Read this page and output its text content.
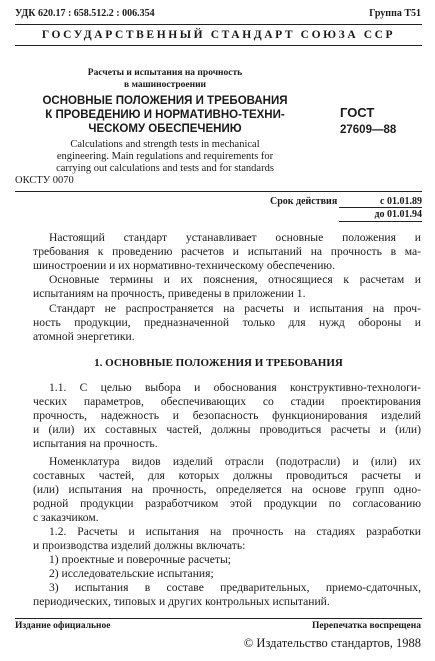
УДК 620.17 : 658.512.2 : 006.354	Группа Т51
ГОСУДАРСТВЕННЫЙ СТАНДАРТ СОЮЗА ССР
Расчеты и испытания на прочность
в машиностроении
ОСНОВНЫЕ ПОЛОЖЕНИЯ И ТРЕБОВАНИЯ
К ПРОВЕДЕНИЮ И НОРМАТИВНО-ТЕХНИ-
ЧЕСКОМУ ОБЕСПЕЧЕНИЮ
Calculations and strength tests in mechanical
engineering. Main regulations and requirements for
carrying out calculations and tests and for standards
ОКСТУ 0070
ГОСТ
27609—88
Срок действия	с 01.01.89
до 01.01.94
Настоящий стандарт устанавливает основные положения и
требования к проведению расчетов и испытаний на прочность в ма-
шиностроении и их нормативно-техническому обеспечению.
Основные термины и их пояснения, относящиеся к расчетам и
испытаниям на прочность, приведены в приложении 1.
Стандарт не распространяется на расчеты и испытания на проч-
ность продукции, предназначенной только для нужд обороны и
атомной энергетики.
1. ОСНОВНЫЕ ПОЛОЖЕНИЯ И ТРЕБОВАНИЯ
1.1. С целью выбора и обоснования конструктивно-технологи-
ческих параметров, обеспечивающих со стадии проектирования
прочность, надежность и безопасность функционирования изделий
и (или) их составных частей, должны проводиться расчеты и (или)
испытания на прочность.
Номенклатура видов изделий отрасли (подотрасли) и (или) их
составных частей, для которых должны проводиться расчеты и
(или) испытания на прочность, определяется на основе групп одно-
родной продукции разработчиком этой продукции по согласованию
с заказчиком.
1.2. Расчеты и испытания на прочность на стадиях разработки
и производства изделий должны включать:
1) проектные и поверочные расчеты;
2) исследовательские испытания;
3) испытания в составе предварительных, приемо-сдаточных,
периодических, типовых и других контрольных испытаний.
Издание официальное	Перепечатка воспрещена
© Издательство стандартов, 1988
